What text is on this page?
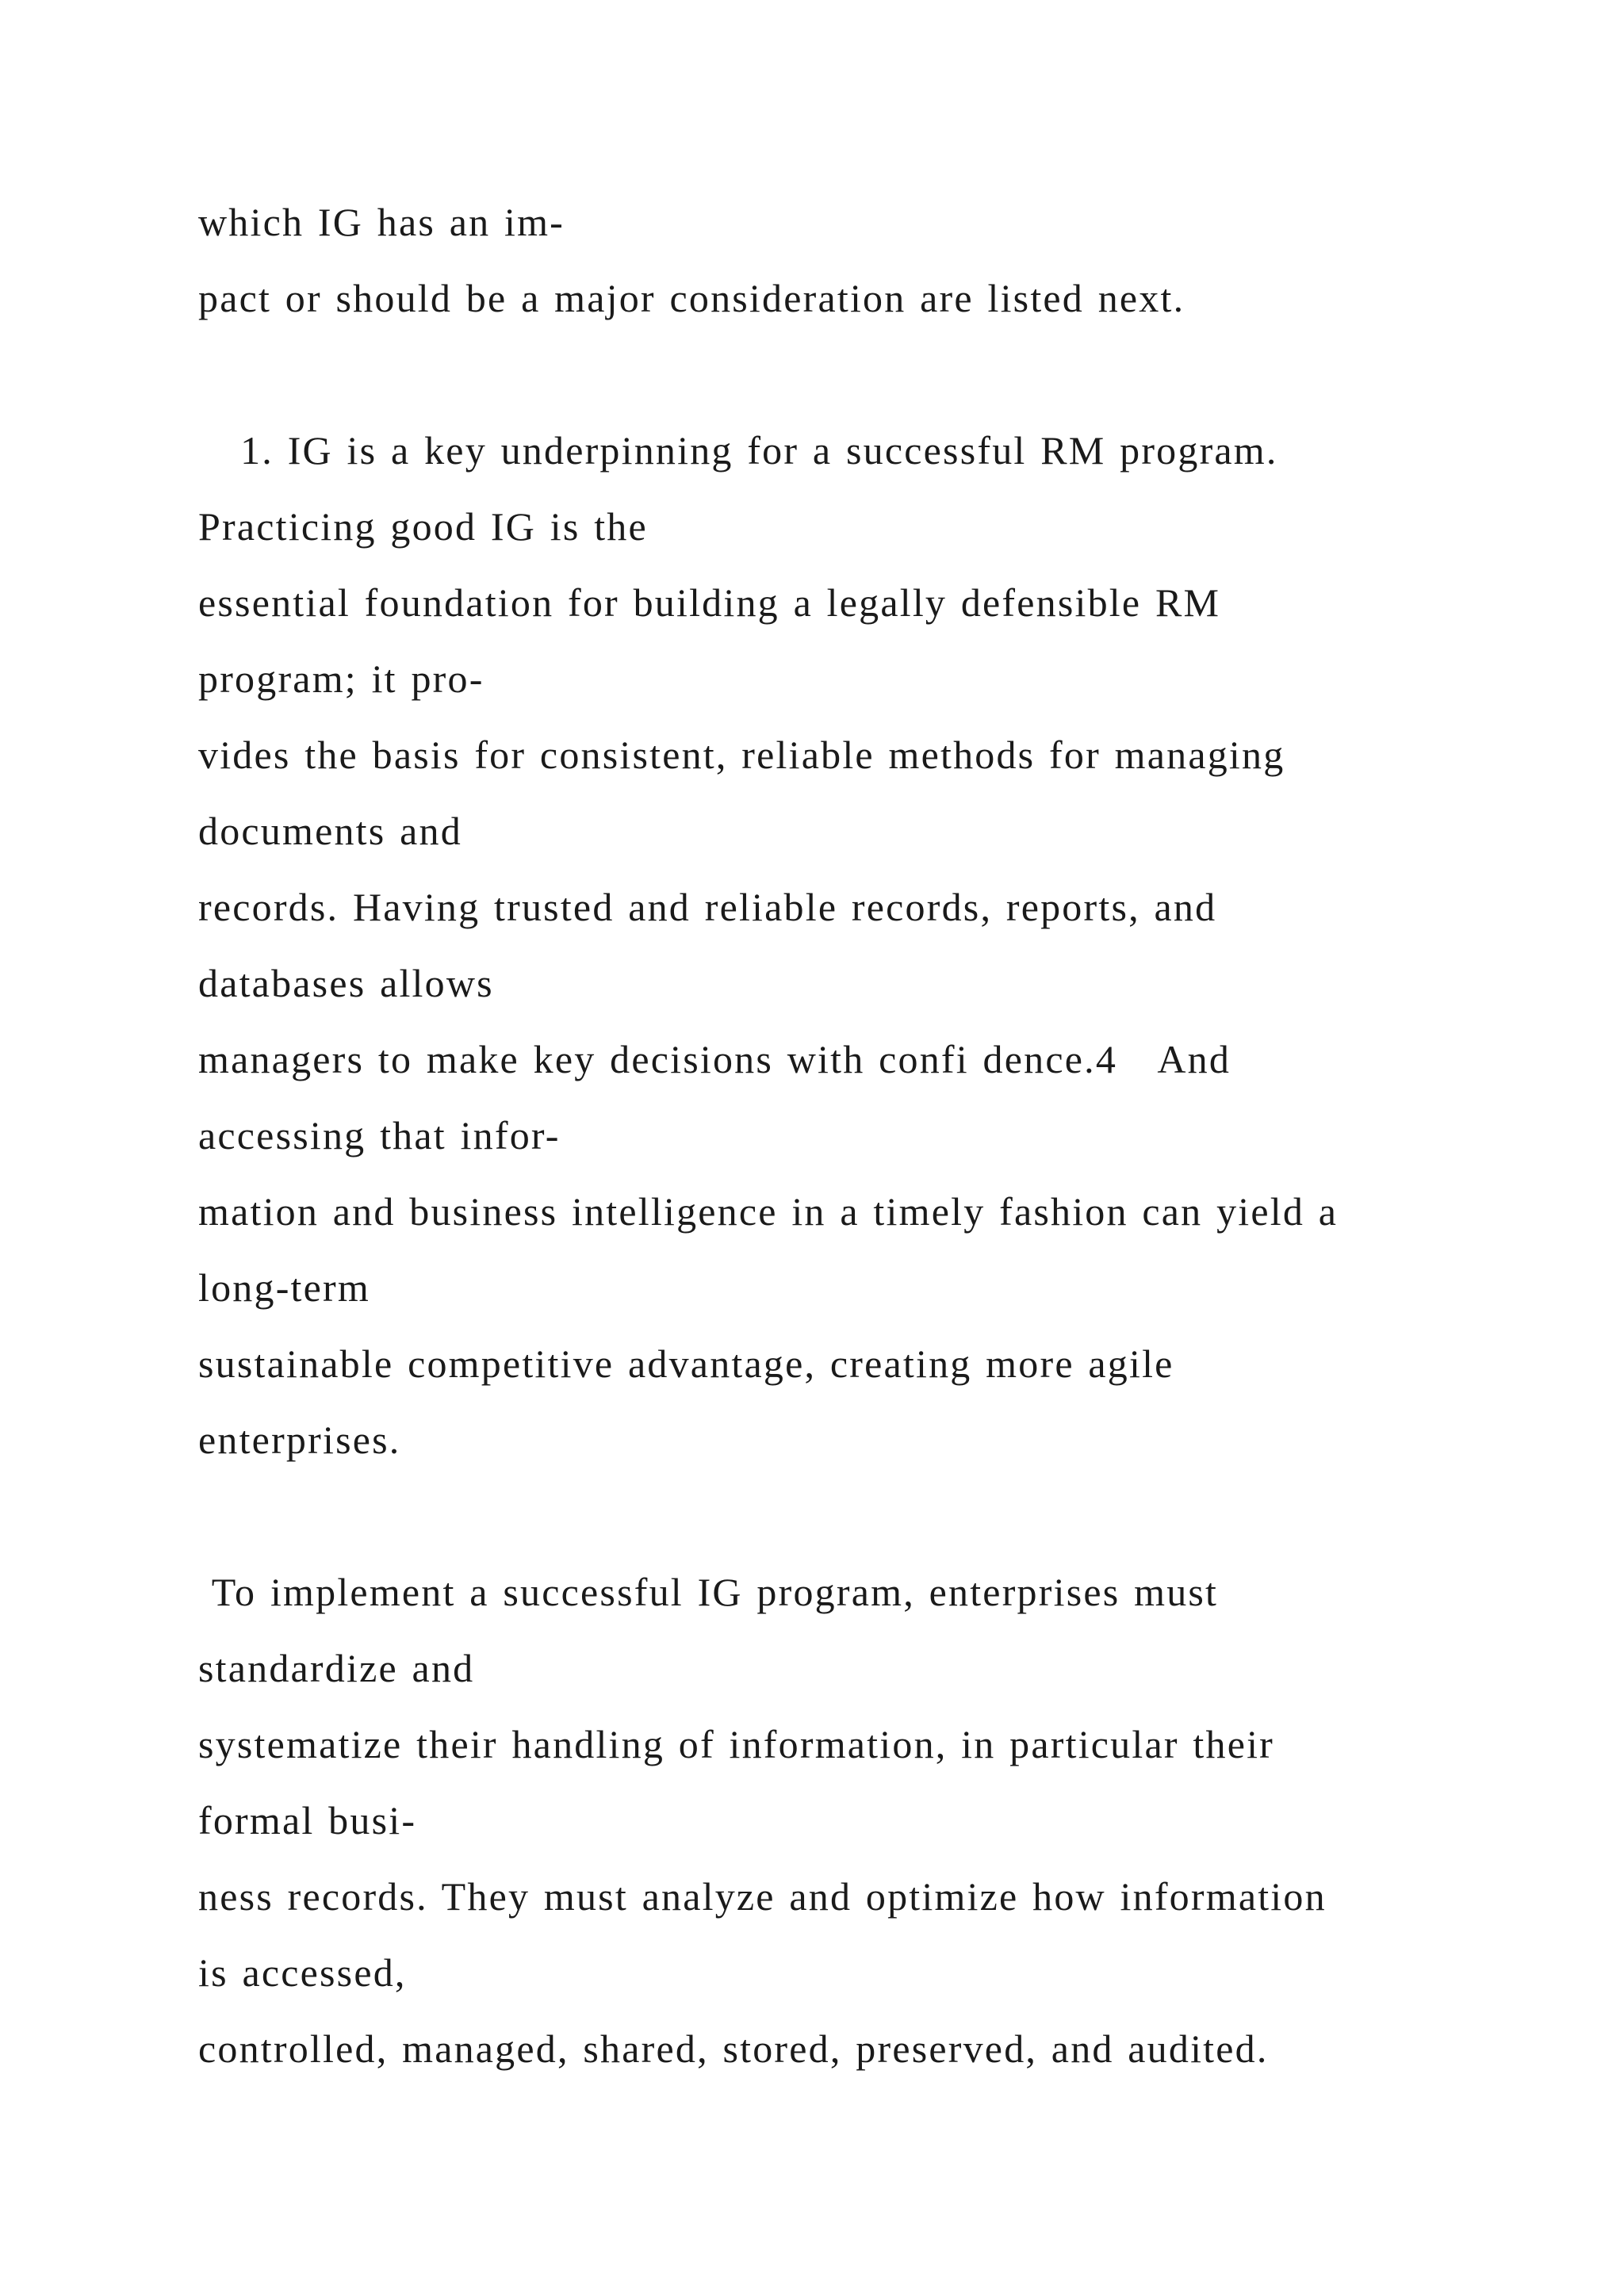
which IG has an im-
pact or should be a major consideration are listed next.
1. IG is a key underpinning for a successful RM program.
Practicing good IG is the
essential foundation for building a legally defensible RM
program; it pro-
vides the basis for consistent, reliable methods for managing
documents and
records. Having trusted and reliable records, reports, and
databases allows
managers to make key decisions with confi dence.4   And
accessing that infor-
mation and business intelligence in a timely fashion can yield a
long-term
sustainable competitive advantage, creating more agile
enterprises.
To implement a successful IG program, enterprises must
standardize and
systematize their handling of information, in particular their
formal busi-
ness records. They must analyze and optimize how information
is accessed,
controlled, managed, shared, stored, preserved, and audited.
